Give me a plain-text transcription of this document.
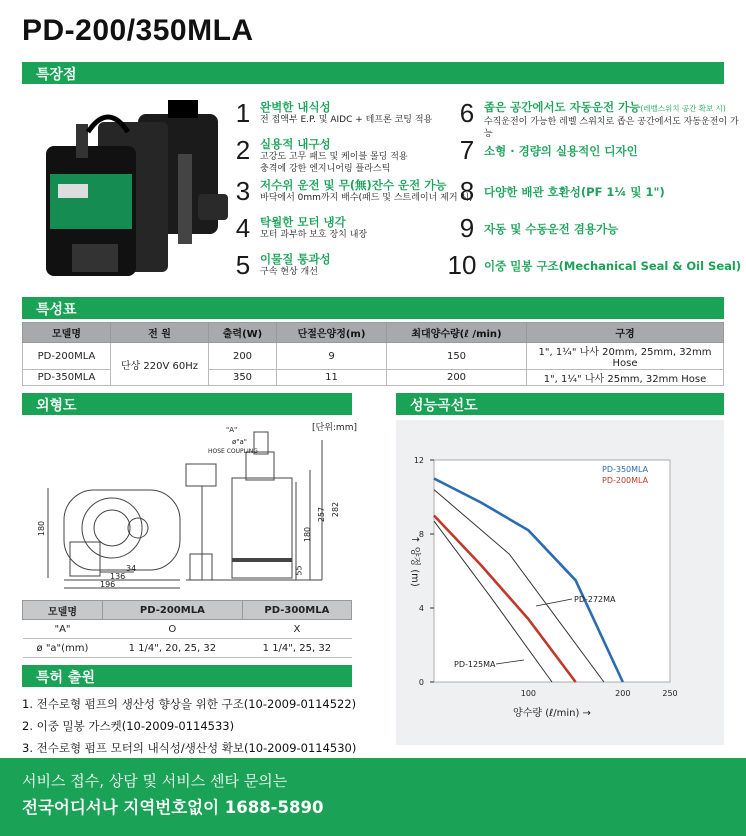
PD-200/350MLA
특장점
1 완벽한 내식성
전 접액부 E.P. 및 AIDC + 테프론 코팅 적용
2 실용적 내구성
고강도 고무 패드 및 케이블 몰딩 적용
충격에 강한 엔지니어링 플라스틱
3 저수위 운전 및 무(無)잔수 운전 가능
바닥에서 0mm까지 배수(패드 및 스트레이너 제거 시)
4 탁월한 모터 냉각
모터 과부하 보호 장치 내장
5 이물질 통과성
구속 현상 개선
6 좁은 공간에서도 자동운전 가능(레벨스위치 공간 확보 시)
수직운전이 가능한 레벨 스위치로 좁은 공간에서도 자동운전이 가능
7 소형 · 경량의 실용적인 디자인
8 다양한 배관 호환성(PF 1¼ 및 1")
9 자동 및 수동운전 겸용가능
10 이중 밀봉 구조(Mechanical Seal & Oil Seal)
특성표
모델명	전 원	출력(W)	단절은양정(m)	최대양수량(ℓ /min)	구경
PD-200MLA	단상 220V 60Hz	200	9	150	1", 1¼" 나사 20mm, 25mm, 32mm Hose
PD-350MLA		350	11	200	1", 1¼" 나사 25mm, 32mm Hose
외형도
[단위:mm]
"A"
ø"a"
HOSE COUPLING
180
34
136
196
257 282
180
55
모델명	PD-200MLA	PD-300MLA
"A"	O	X
ø "a"(mm)	1 1/4", 20, 25, 32	1 1/4", 25, 32
특허 출원
1. 전수로형 펌프의 생산성 향상을 위한 구조(10-2009-0114522)
2. 이중 밀봉 가스켓(10-2009-0114533)
3. 전수로형 펌프 모터의 내식성/생산성 확보(10-2009-0114530)
성능곡선도
0
4
8
12
100	200	250
PD-350MLA
PD-200MLA
PD-272MA
PD-125MA
양수량 (ℓ/min) →
↑ 양정 (m)
서비스 접수, 상담 및 서비스 센타 문의는
전국어디서나 지역번호없이 1688-5890
